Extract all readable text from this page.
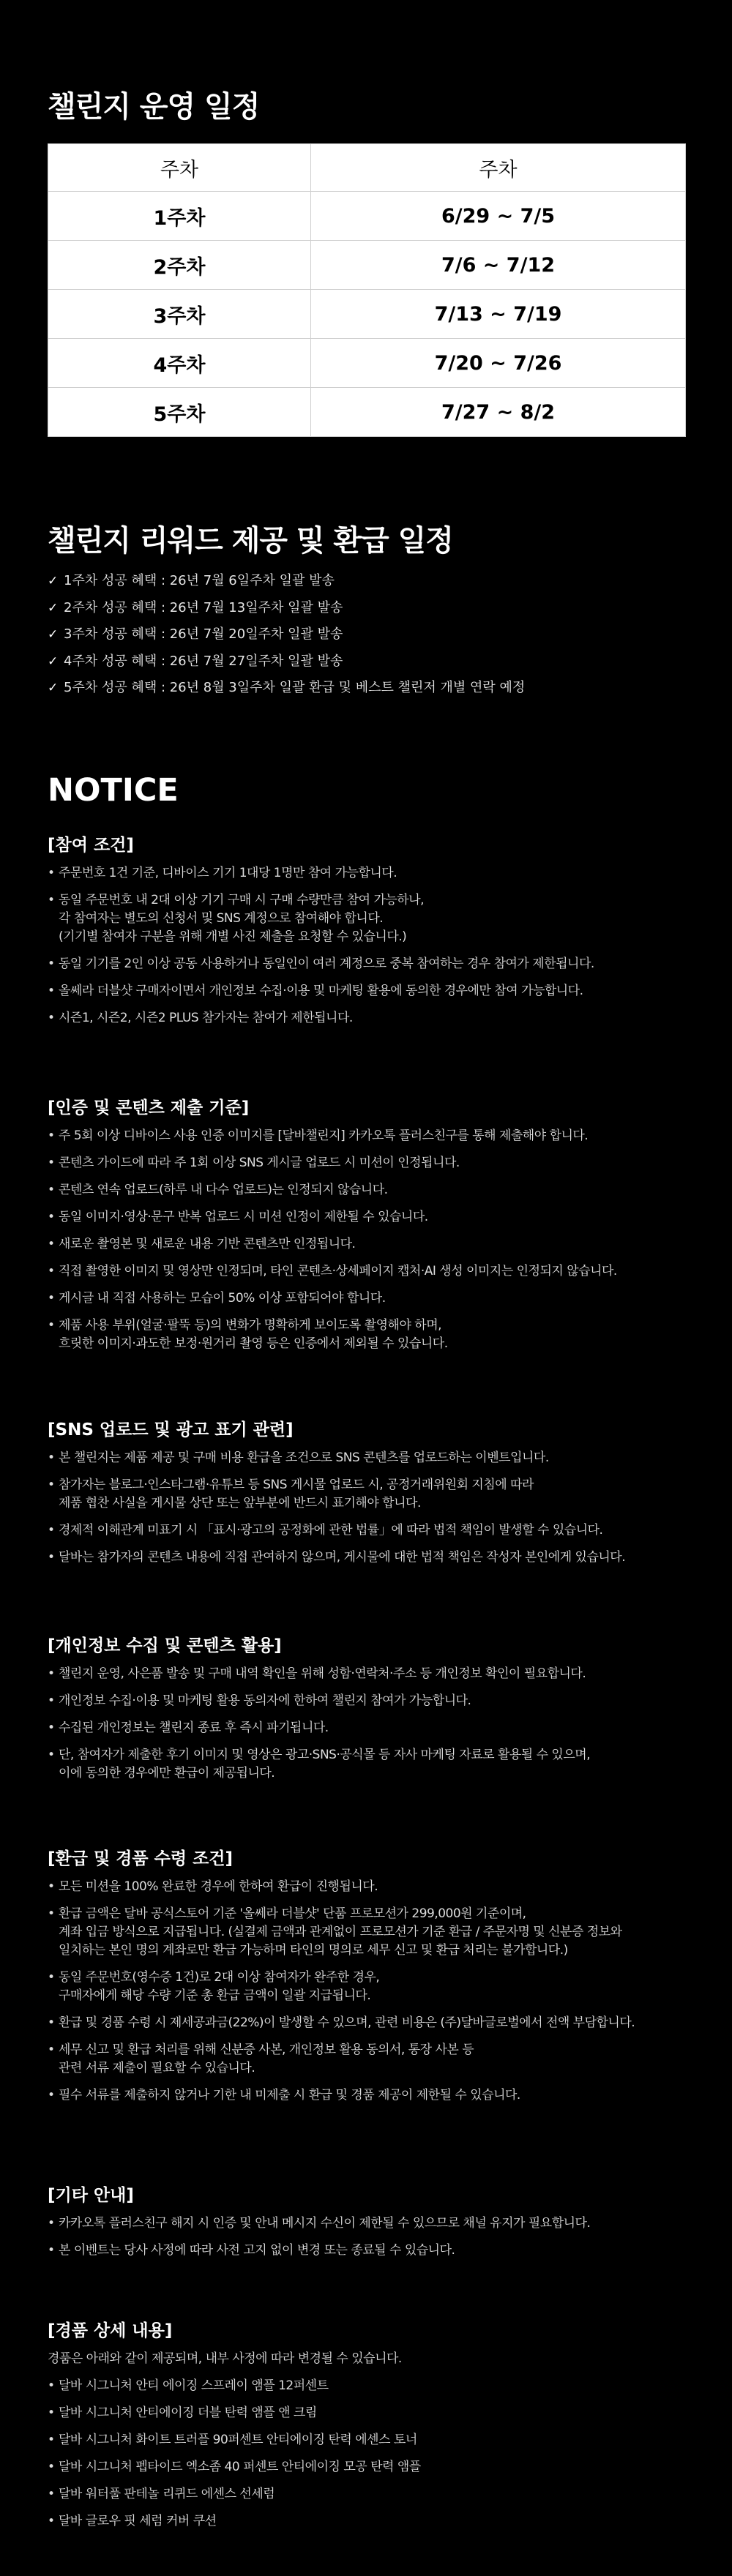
챌린지 운영 일정
주차	주차
1주차	6/29 ~ 7/5
2주차	7/6 ~ 7/12
3주차	7/13 ~ 7/19
4주차	7/20 ~ 7/26
5주차	7/27 ~ 8/2
챌린지 리워드 제공 및 환급 일정
✓ 1주차 성공 혜택 : 26년 7월 6일주차 일괄 발송
✓ 2주차 성공 혜택 : 26년 7월 13일주차 일괄 발송
✓ 3주차 성공 혜택 : 26년 7월 20일주차 일괄 발송
✓ 4주차 성공 혜택 : 26년 7월 27일주차 일괄 발송
✓ 5주차 성공 혜택 : 26년 8월 3일주차 일괄 환급 및 베스트 챌린저 개별 연락 예정
NOTICE
[참여 조건]
• 주문번호 1건 기준, 디바이스 기기 1대당 1명만 참여 가능합니다.
• 동일 주문번호 내 2대 이상 기기 구매 시 구매 수량만큼 참여 가능하나,
각 참여자는 별도의 신청서 및 SNS 계정으로 참여해야 합니다.
(기기별 참여자 구분을 위해 개별 사진 제출을 요청할 수 있습니다.)
• 동일 기기를 2인 이상 공동 사용하거나 동일인이 여러 계정으로 중복 참여하는 경우 참여가 제한됩니다.
• 올쎄라 더블샷 구매자이면서 개인정보 수집·이용 및 마케팅 활용에 동의한 경우에만 참여 가능합니다.
• 시즌1, 시즌2, 시즌2 PLUS 참가자는 참여가 제한됩니다.
[인증 및 콘텐츠 제출 기준]
• 주 5회 이상 디바이스 사용 인증 이미지를 [달바챌린지] 카카오톡 플러스친구를 통해 제출해야 합니다.
• 콘텐츠 가이드에 따라 주 1회 이상 SNS 게시글 업로드 시 미션이 인정됩니다.
• 콘텐츠 연속 업로드(하루 내 다수 업로드)는 인정되지 않습니다.
• 동일 이미지·영상·문구 반복 업로드 시 미션 인정이 제한될 수 있습니다.
• 새로운 촬영본 및 새로운 내용 기반 콘텐츠만 인정됩니다.
• 직접 촬영한 이미지 및 영상만 인정되며, 타인 콘텐츠·상세페이지 캡처·AI 생성 이미지는 인정되지 않습니다.
• 게시글 내 직접 사용하는 모습이 50% 이상 포함되어야 합니다.
• 제품 사용 부위(얼굴·팔뚝 등)의 변화가 명확하게 보이도록 촬영해야 하며,
흐릿한 이미지·과도한 보정·원거리 촬영 등은 인증에서 제외될 수 있습니다.
[SNS 업로드 및 광고 표기 관련]
• 본 챌린지는 제품 제공 및 구매 비용 환급을 조건으로 SNS 콘텐츠를 업로드하는 이벤트입니다.
• 참가자는 블로그·인스타그램·유튜브 등 SNS 게시물 업로드 시, 공정거래위원회 지침에 따라
제품 협찬 사실을 게시물 상단 또는 앞부분에 반드시 표기해야 합니다.
• 경제적 이해관계 미표기 시 「표시·광고의 공정화에 관한 법률」에 따라 법적 책임이 발생할 수 있습니다.
• 달바는 참가자의 콘텐츠 내용에 직접 관여하지 않으며, 게시물에 대한 법적 책임은 작성자 본인에게 있습니다.
[개인정보 수집 및 콘텐츠 활용]
• 챌린지 운영, 사은품 발송 및 구매 내역 확인을 위해 성함·연락처·주소 등 개인정보 확인이 필요합니다.
• 개인정보 수집·이용 및 마케팅 활용 동의자에 한하여 챌린지 참여가 가능합니다.
• 수집된 개인정보는 챌린지 종료 후 즉시 파기됩니다.
• 단, 참여자가 제출한 후기 이미지 및 영상은 광고·SNS·공식몰 등 자사 마케팅 자료로 활용될 수 있으며,
이에 동의한 경우에만 환급이 제공됩니다.
[환급 및 경품 수령 조건]
• 모든 미션을 100% 완료한 경우에 한하여 환급이 진행됩니다.
• 환급 금액은 달바 공식스토어 기준 '올쎄라 더블샷' 단품 프로모션가 299,000원 기준이며,
계좌 입금 방식으로 지급됩니다. (실결제 금액과 관계없이 프로모션가 기준 환급 / 주문자명 및 신분증 정보와
일치하는 본인 명의 계좌로만 환급 가능하며 타인의 명의로 세무 신고 및 환급 처리는 불가합니다.)
• 동일 주문번호(영수증 1건)로 2대 이상 참여자가 완주한 경우,
구매자에게 해당 수량 기준 총 환급 금액이 일괄 지급됩니다.
• 환급 및 경품 수령 시 제세공과금(22%)이 발생할 수 있으며, 관련 비용은 (주)달바글로벌에서 전액 부담합니다.
• 세무 신고 및 환급 처리를 위해 신분증 사본, 개인정보 활용 동의서, 통장 사본 등
관련 서류 제출이 필요할 수 있습니다.
• 필수 서류를 제출하지 않거나 기한 내 미제출 시 환급 및 경품 제공이 제한될 수 있습니다.
[기타 안내]
• 카카오톡 플러스친구 해지 시 인증 및 안내 메시지 수신이 제한될 수 있으므로 채널 유지가 필요합니다.
• 본 이벤트는 당사 사정에 따라 사전 고지 없이 변경 또는 종료될 수 있습니다.
[경품 상세 내용]

경품은 아래와 같이 제공되며, 내부 사정에 따라 변경될 수 있습니다.

• 달바 시그니처 안티 에이징 스프레이 앰플 12퍼센트
• 달바 시그니처 안티에이징 더블 탄력 앰플 앤 크림
• 달바 시그니처 화이트 트러플 90퍼센트 안티에이징 탄력 에센스 토너
• 달바 시그니처 펩타이드 엑소좀 40 퍼센트 안티에이징 모공 탄력 앰플
• 달바 워터풀 판테놀 리퀴드 에센스 선세럼
• 달바 글로우 핏 세럼 커버 쿠션
